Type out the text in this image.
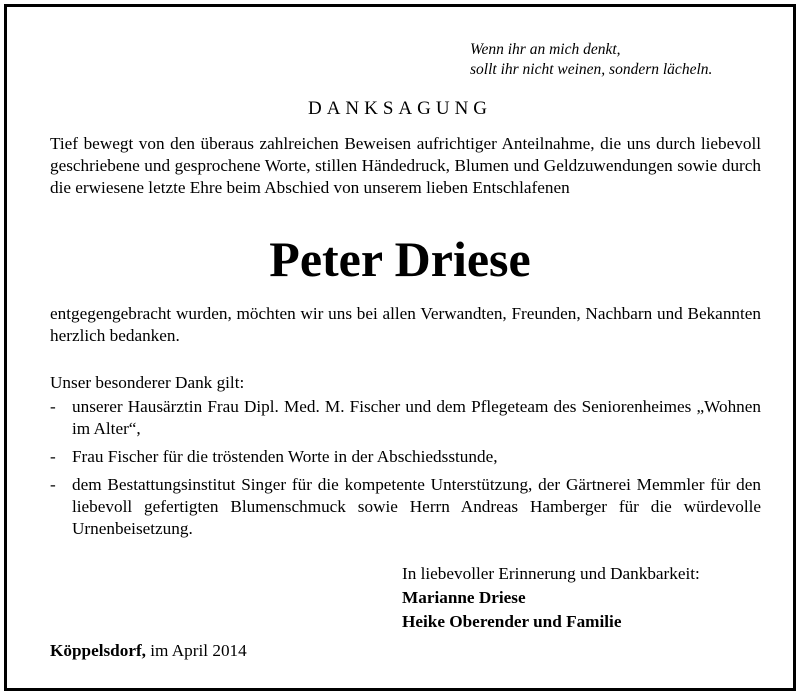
Wenn ihr an mich denkt,
sollt ihr nicht weinen, sondern lächeln.
DANKSAGUNG
Tief bewegt von den überaus zahlreichen Beweisen aufrichtiger Anteilnahme, die uns durch liebevoll geschriebene und gesprochene Worte, stillen Händedruck, Blumen und Geldzuwendungen sowie durch die erwiesene letzte Ehre beim Abschied von unserem lieben Entschlafenen
Peter Driese
entgegengebracht wurden, möchten wir uns bei allen Verwandten, Freunden, Nachbarn und Bekannten herzlich bedanken.
Unser besonderer Dank gilt:
- unserer Hausärztin Frau Dipl. Med. M. Fischer und dem Pflegeteam des Seniorenheimes „Wohnen im Alter“,
- Frau Fischer für die tröstenden Worte in der Abschiedsstunde,
- dem Bestattungsinstitut Singer für die kompetente Unterstützung, der Gärtnerei Memmler für den liebevoll gefertigten Blumenschmuck sowie Herrn Andreas Hamberger für die würdevolle Urnenbeisetzung.
In liebevoller Erinnerung und Dankbarkeit:
Marianne Driese
Heike Oberender und Familie
Köppelsdorf, im April 2014
